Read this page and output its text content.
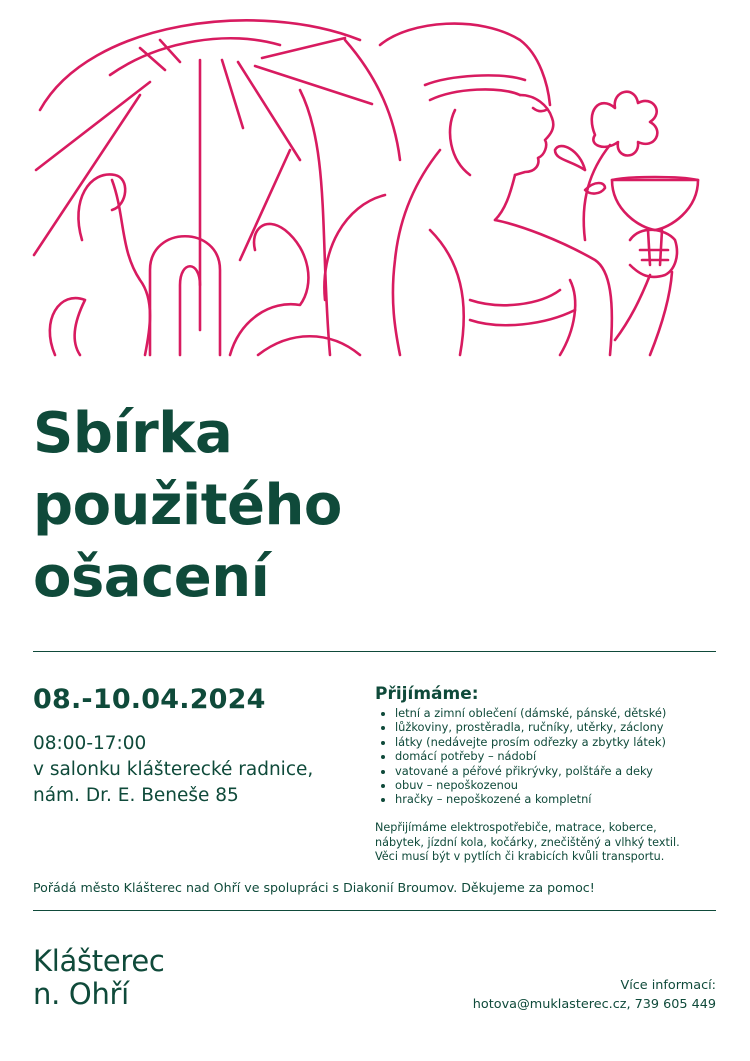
Sbírka
použitého
ošacení
08.-10.04.2024
08:00-17:00
v salonku klášterecké radnice,
nám. Dr. E. Beneše 85
Přijímáme:
• letní a zimní oblečení (dámské, pánské, dětské)
• lůžkoviny, prostěradla, ručníky, utěrky, záclony
• látky (nedávejte prosím odřezky a zbytky látek)
• domácí potřeby – nádobí
• vatované a péřové přikrývky, polštáře a deky
• obuv – nepoškozenou
• hračky – nepoškozené a kompletní
Nepřijímáme elektrospotřebiče, matrace, koberce,
nábytek, jízdní kola, kočárky, znečištěný a vlhký textil.
Věci musí být v pytlích či krabicích kvůli transportu.
Pořádá město Klášterec nad Ohří ve spolupráci s Diakonií Broumov. Děkujeme za pomoc!
Klášterec
n. Ohří	Více informací:
hotova@muklasterec.cz, 739 605 449
